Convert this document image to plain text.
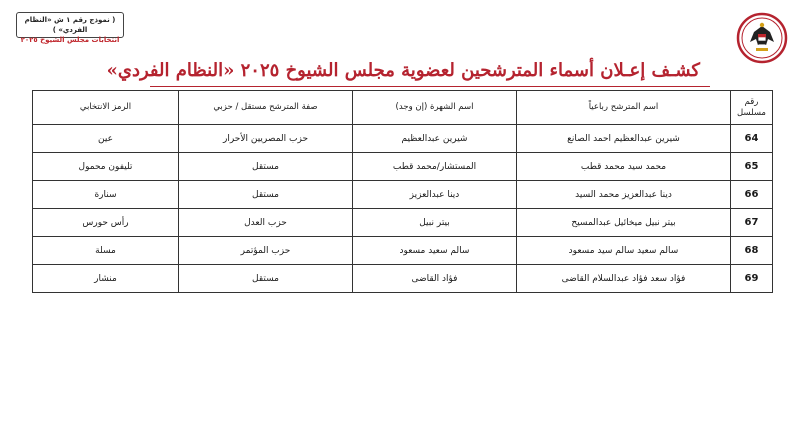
( نموذج رقم ١ ش «النظام الفردي» )
انتخابات مجلس الشيوخ ٢٠٢٥
كشـف إعـلان أسماء المترشحين لعضوية مجلس الشيوخ ٢٠٢٥ «النظام الفردي»
رقم مسلسل	اسم المترشح رباعياً	اسم الشهرة (إن وجد)	صفة المترشح مستقل / حزبي	الرمز الانتخابي
64	شيرين عبدالعظيم احمد الصانع	شيرين عبدالعظيم	حزب المصريين الأحرار	عين
65	محمد سيد محمد قطب	المستشار/محمد قطب	مستقل	تليفون محمول
66	دينا عبدالعزيز محمد السيد	دينا عبدالعزيز	مستقل	سنارة
67	بيتر نبيل ميخائيل عبدالمسيح	بيتر نبيل	حزب العدل	رأس حورس
68	سالم سعيد سالم سيد مسعود	سالم سعيد مسعود	حزب المؤتمر	مسلة
69	فؤاد سعد فؤاد عبدالسلام القاضى	فؤاد القاضى	مستقل	منشار
